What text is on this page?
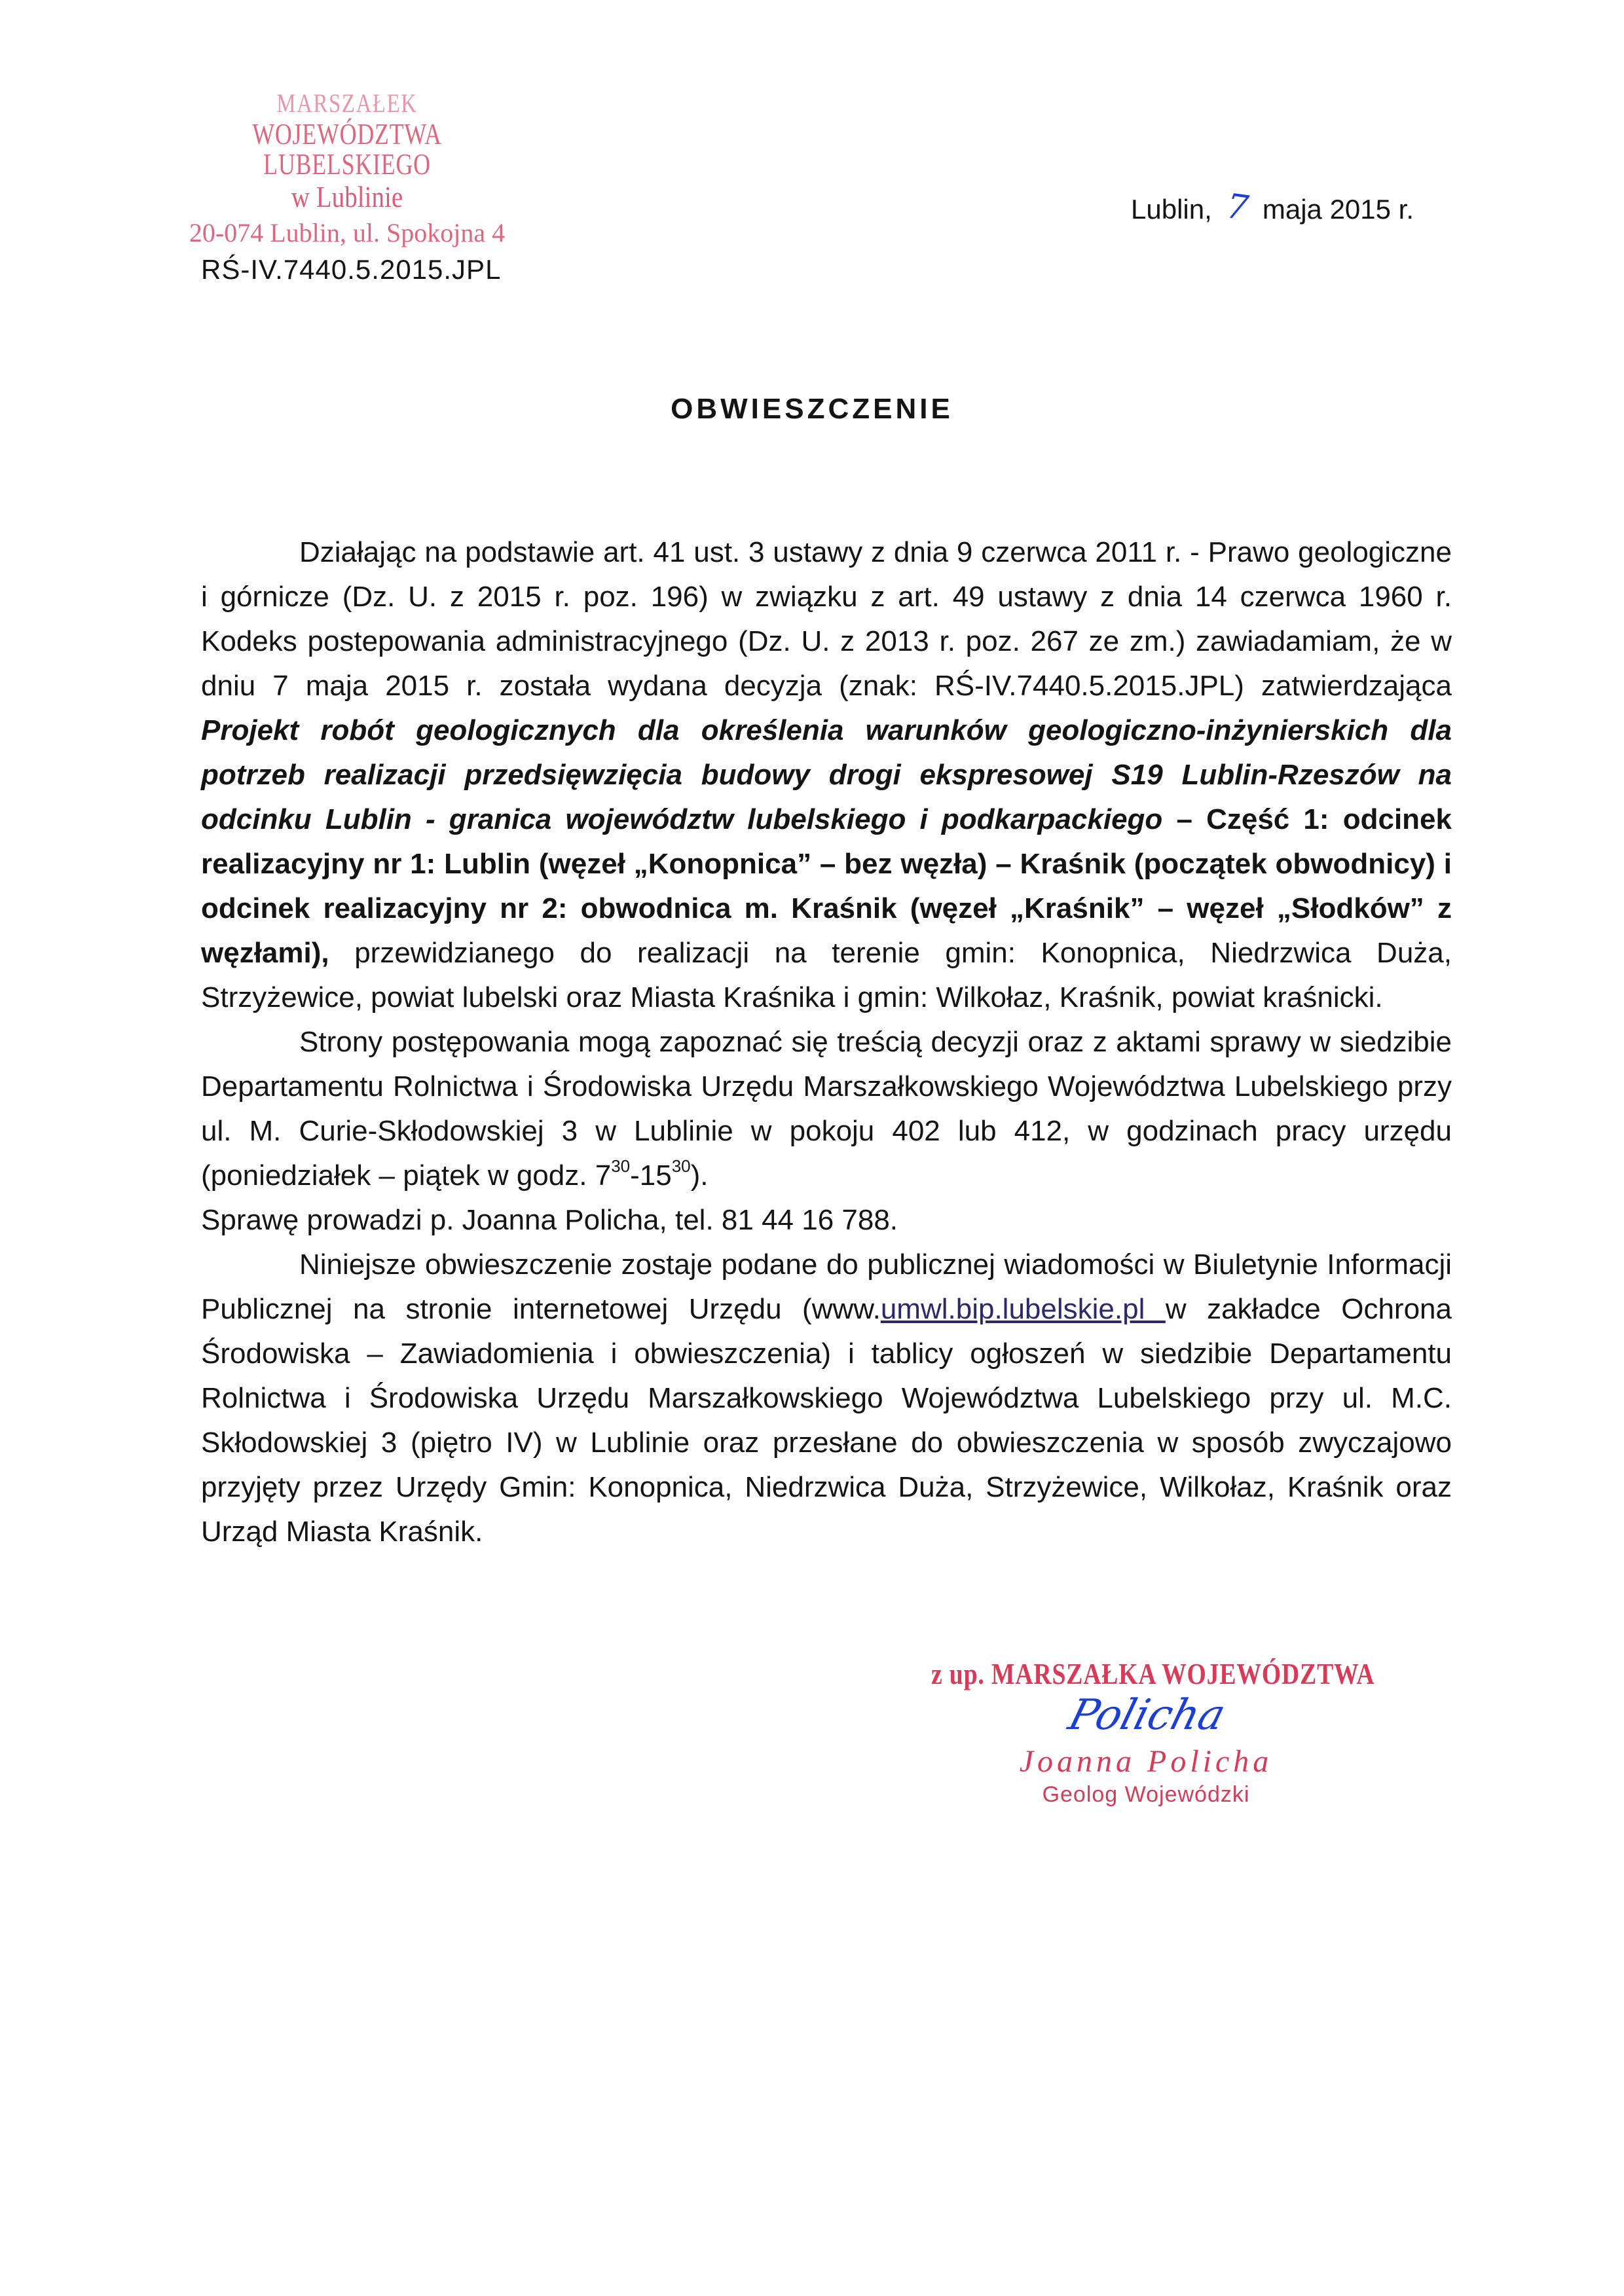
MARSZAŁEK
WOJEWÓDZTWA LUBELSKIEGO
w Lublinie
20-074 Lublin, ul. Spokojna 4
Lublin, 7 maja 2015 r.
RŚ-IV.7440.5.2015.JPL
OBWIESZCZENIE

Działając na podstawie art. 41 ust. 3 ustawy z dnia 9 czerwca 2011 r. - Prawo geologiczne i górnicze (Dz. U. z 2015 r. poz. 196) w związku z art. 49 ustawy z dnia 14 czerwca 1960 r. Kodeks postepowania administracyjnego (Dz. U. z 2013 r. poz. 267 ze zm.) zawiadamiam, że w dniu 7 maja 2015 r. została wydana decyzja (znak: RŚ-IV.7440.5.2015.JPL) zatwierdzająca Projekt robót geologicznych dla określenia warunków geologiczno-inżynierskich dla potrzeb realizacji przedsięwzięcia budowy drogi ekspresowej S19 Lublin-Rzeszów na odcinku Lublin - granica województw lubelskiego i podkarpackiego – Część 1: odcinek realizacyjny nr 1: Lublin (węzeł „Konopnica” – bez węzła) – Kraśnik (początek obwodnicy) i odcinek realizacyjny nr 2: obwodnica m. Kraśnik (węzeł „Kraśnik” – węzeł „Słodków” z węzłami), przewidzianego do realizacji na terenie gmin: Konopnica, Niedrzwica Duża, Strzyżewice, powiat lubelski oraz Miasta Kraśnika i gmin: Wilkołaz, Kraśnik, powiat kraśnicki.

Strony postępowania mogą zapoznać się treścią decyzji oraz z aktami sprawy w siedzibie Departamentu Rolnictwa i Środowiska Urzędu Marszałkowskiego Województwa Lubelskiego przy ul. M. Curie-Skłodowskiej 3 w Lublinie w pokoju 402 lub 412, w godzinach pracy urzędu (poniedziałek – piątek w godz. $7^{30}-15^{30}$).

Sprawę prowadzi p. Joanna Policha, tel. 81 44 16 788.

Niniejsze obwieszczenie zostaje podane do publicznej wiadomości w Biuletynie Informacji Publicznej na stronie internetowej Urzędu (www.umwl.bip.lubelskie.pl w zakładce Ochrona Środowiska – Zawiadomienia i obwieszczenia) i tablicy ogłoszeń w siedzibie Departamentu Rolnictwa i Środowiska Urzędu Marszałkowskiego Województwa Lubelskiego przy ul. M.C. Skłodowskiej 3 (piętro IV) w Lublinie oraz przesłane do obwieszczenia w sposób zwyczajowo przyjęty przez Urzędy Gmin: Konopnica, Niedrzwica Duża, Strzyżewice, Wilkołaz, Kraśnik oraz Urząd Miasta Kraśnik.

z up. MARSZAŁKA WOJEWÓDZTWA
Policha
Joanna Policha
Geolog Wojewódzki
